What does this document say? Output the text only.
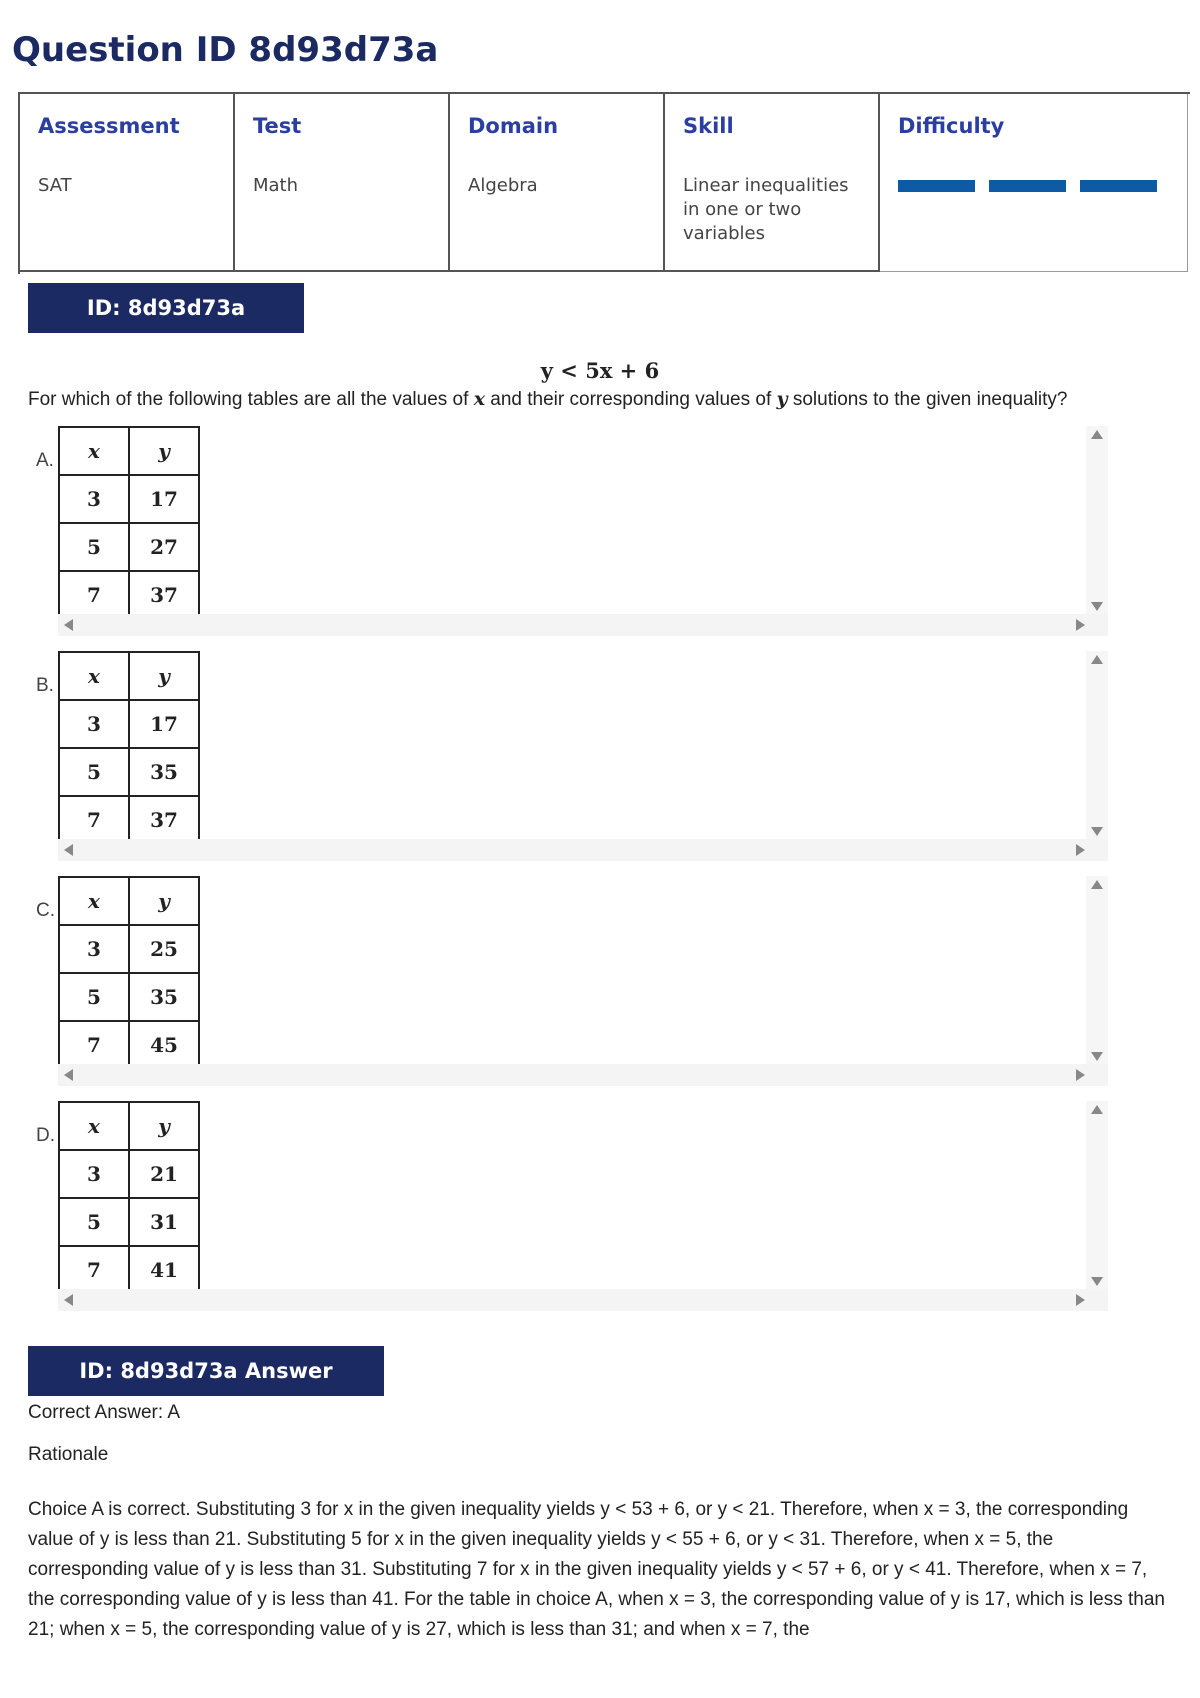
Question ID 8d93d73a
Assessment
SAT
Test
Math
Domain
Algebra
Skill
Linear inequalities in one or two variables
Difficulty
ID: 8d93d73a
y < 5x + 6
For which of the following tables are all the values of x and their corresponding values of y solutions to the given inequality?
A. x	y
3	17
5	27
7	37
B. x	y
3	17
5	35
7	37
C. x	y
3	25
5	35
7	45
D. x	y
3	21
5	31
7	41
ID: 8d93d73a Answer
Correct Answer: A
Rationale
Choice A is correct. Substituting 3 for x in the given inequality yields y < 53 + 6, or y < 21. Therefore, when x = 3, the corresponding value of y is less than 21. Substituting 5 for x in the given inequality yields y < 55 + 6, or y < 31. Therefore, when x = 5, the corresponding value of y is less than 31. Substituting 7 for x in the given inequality yields y < 57 + 6, or y < 41. Therefore, when x = 7, the corresponding value of y is less than 41. For the table in choice A, when x = 3, the corresponding value of y is 17, which is less than 21; when x = 5, the corresponding value of y is 27, which is less than 31; and when x = 7, the
